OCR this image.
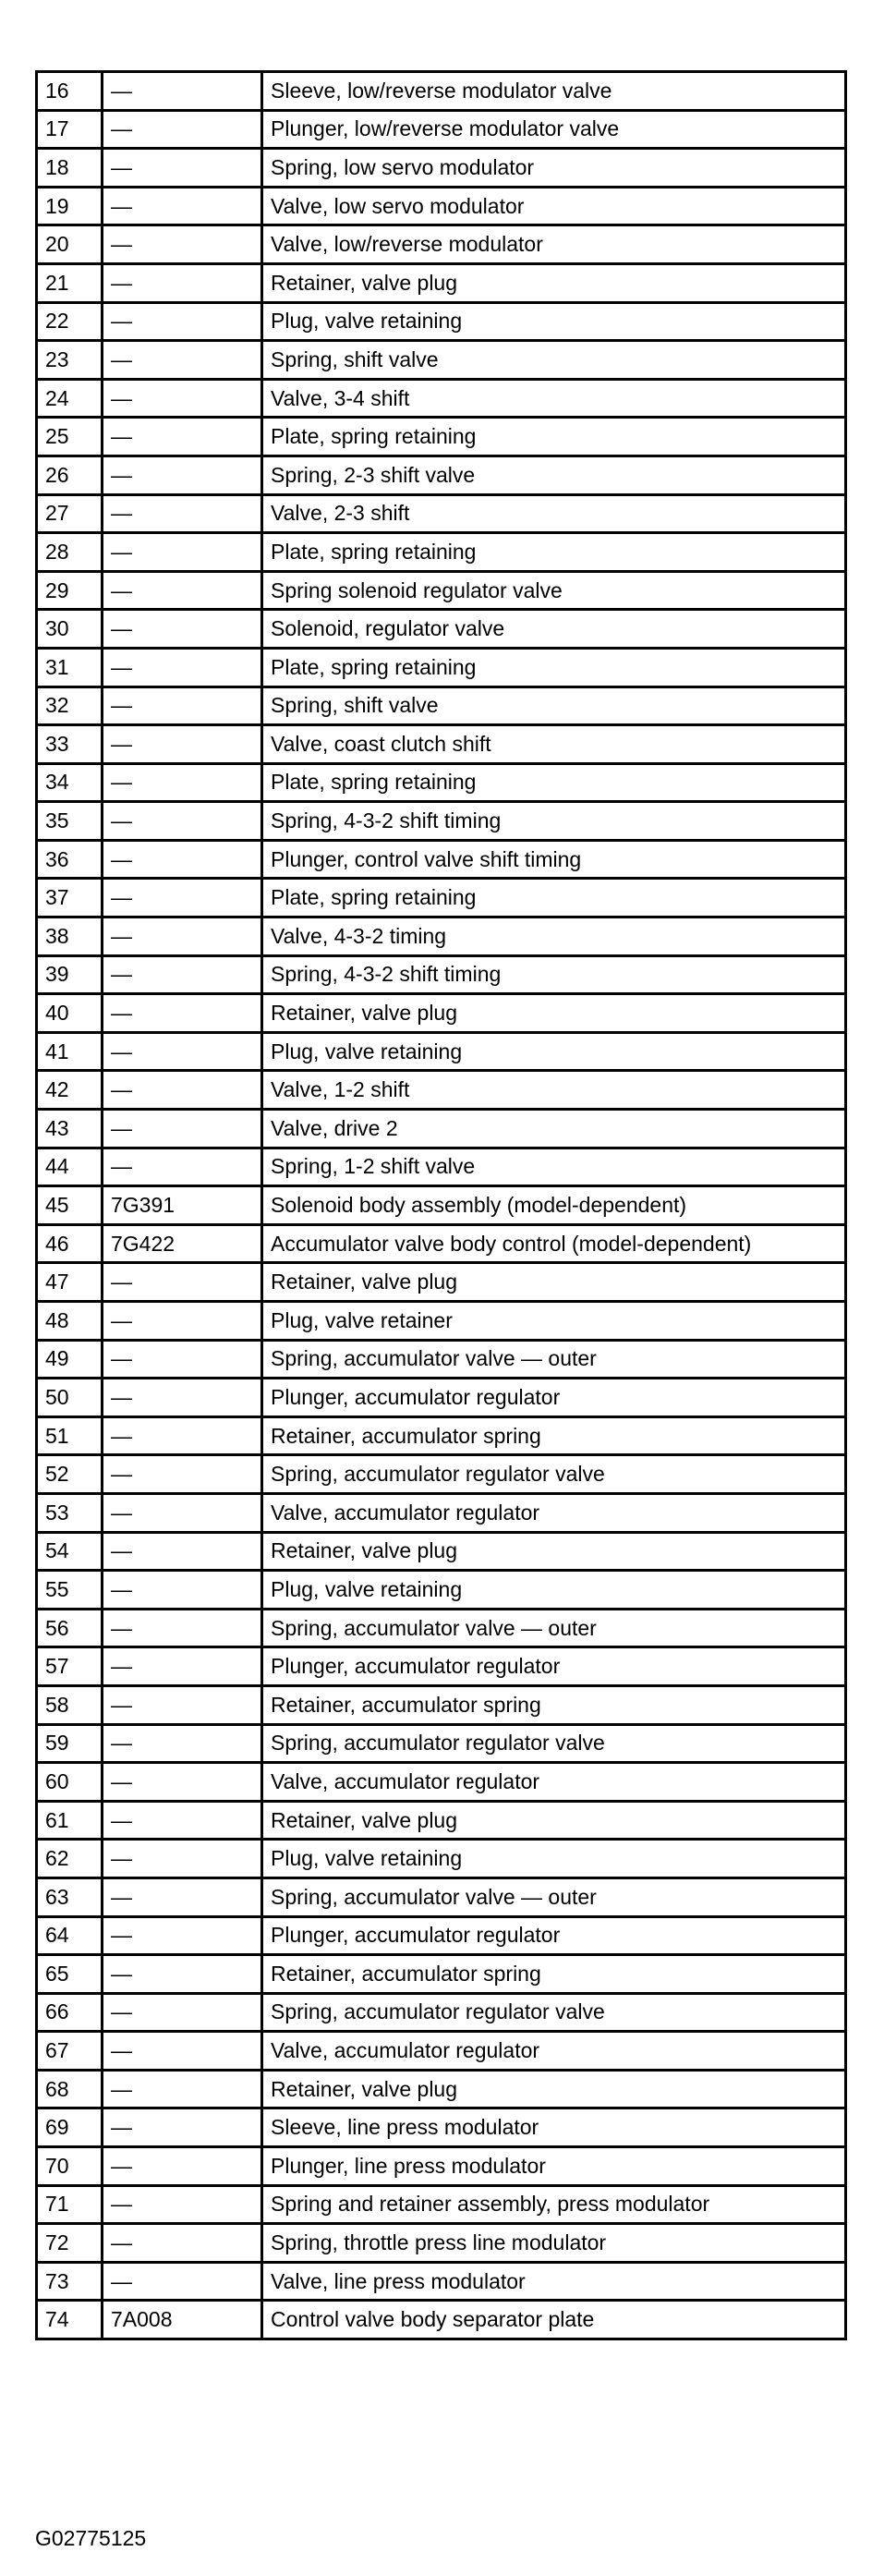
16	—	Sleeve, low/reverse modulator valve
17	—	Plunger, low/reverse modulator valve
18	—	Spring, low servo modulator
19	—	Valve, low servo modulator
20	—	Valve, low/reverse modulator
21	—	Retainer, valve plug
22	—	Plug, valve retaining
23	—	Spring, shift valve
24	—	Valve, 3-4 shift
25	—	Plate, spring retaining
26	—	Spring, 2-3 shift valve
27	—	Valve, 2-3 shift
28	—	Plate, spring retaining
29	—	Spring solenoid regulator valve
30	—	Solenoid, regulator valve
31	—	Plate, spring retaining
32	—	Spring, shift valve
33	—	Valve, coast clutch shift
34	—	Plate, spring retaining
35	—	Spring, 4-3-2 shift timing
36	—	Plunger, control valve shift timing
37	—	Plate, spring retaining
38	—	Valve, 4-3-2 timing
39	—	Spring, 4-3-2 shift timing
40	—	Retainer, valve plug
41	—	Plug, valve retaining
42	—	Valve, 1-2 shift
43	—	Valve, drive 2
44	—	Spring, 1-2 shift valve
45	7G391	Solenoid body assembly (model-dependent)
46	7G422	Accumulator valve body control (model-dependent)
47	—	Retainer, valve plug
48	—	Plug, valve retainer
49	—	Spring, accumulator valve — outer
50	—	Plunger, accumulator regulator
51	—	Retainer, accumulator spring
52	—	Spring, accumulator regulator valve
53	—	Valve, accumulator regulator
54	—	Retainer, valve plug
55	—	Plug, valve retaining
56	—	Spring, accumulator valve — outer
57	—	Plunger, accumulator regulator
58	—	Retainer, accumulator spring
59	—	Spring, accumulator regulator valve
60	—	Valve, accumulator regulator
61	—	Retainer, valve plug
62	—	Plug, valve retaining
63	—	Spring, accumulator valve — outer
64	—	Plunger, accumulator regulator
65	—	Retainer, accumulator spring
66	—	Spring, accumulator regulator valve
67	—	Valve, accumulator regulator
68	—	Retainer, valve plug
69	—	Sleeve, line press modulator
70	—	Plunger, line press modulator
71	—	Spring and retainer assembly, press modulator
72	—	Spring, throttle press line modulator
73	—	Valve, line press modulator
74	7A008	Control valve body separator plate
G02775125
